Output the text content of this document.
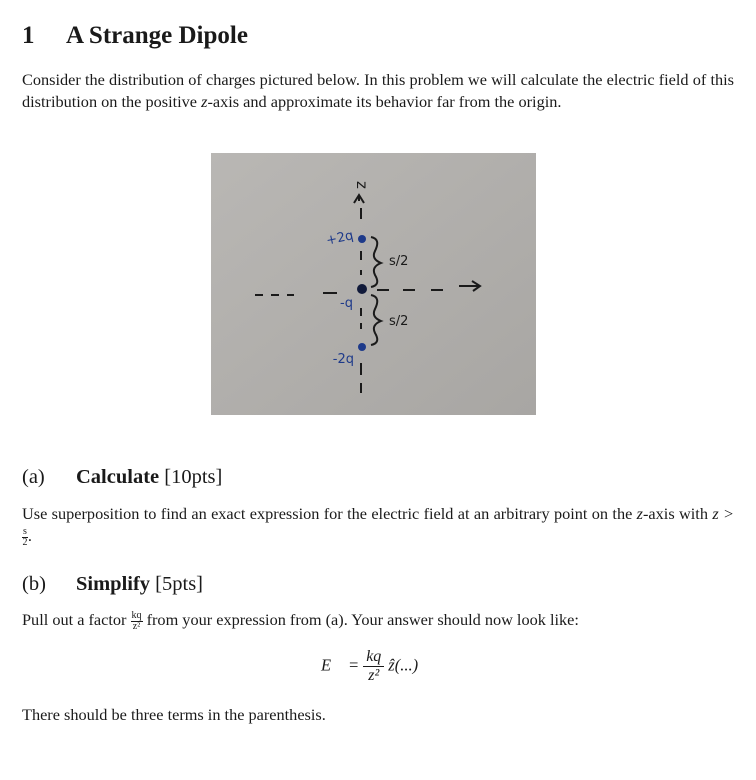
1 A Strange Dipole
Consider the distribution of charges pictured below. In this problem we will calculate the electric field of this distribution on the positive z-axis and approximate its behavior far from the origin.
z
+2q
-q
-2q
s/2
s/2
(a) Calculate [10pts]
Use superposition to find an exact expression for the electric field at an arbitrary point on the z-axis with z >
$\frac{s}{2}$ .
(b) Simplify [5pts]
Pull out a factor $\frac{kq}{\text{z²}}$ from your expression from (a). Your answer should now look like:
E⃗ = $\frac{kq}{\text{z²}}$ ẑ(...)
There should be three terms in the parenthesis.
